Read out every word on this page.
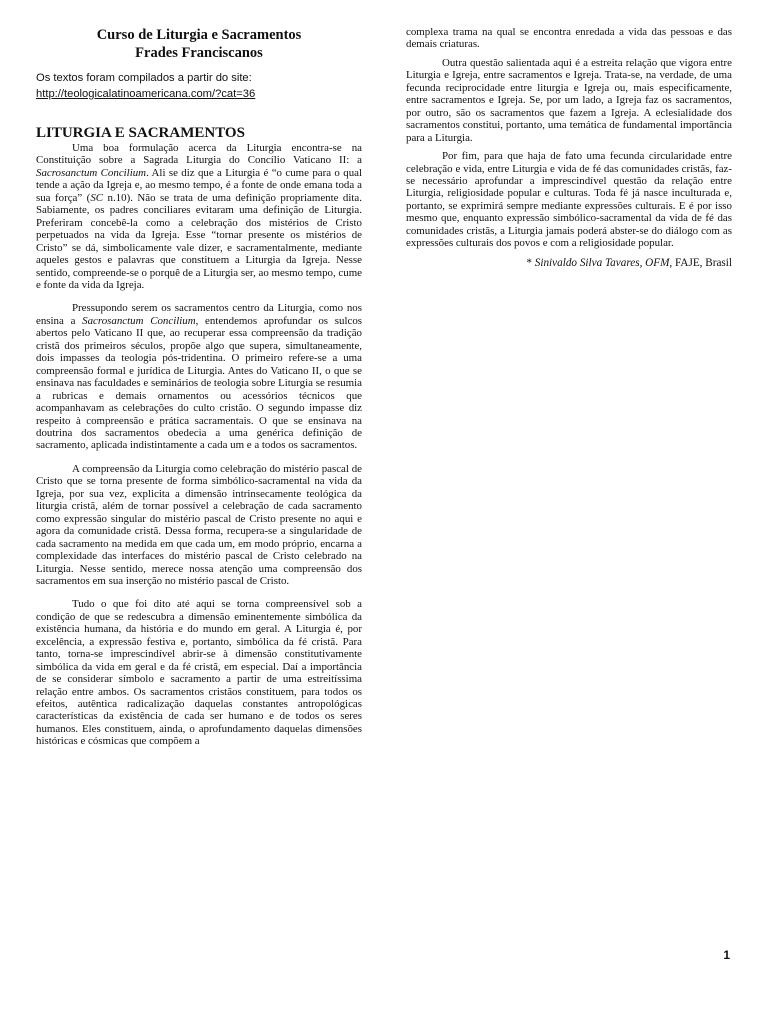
Curso de Liturgia e Sacramentos
Frades Franciscanos
Os textos foram compilados a partir do site:
http://teologicalatinoamericana.com/?cat=36
LITURGIA E SACRAMENTOS

Uma boa formulação acerca da Liturgia encontra-se na Constituição sobre a Sagrada Liturgia do Concílio Vaticano II: a Sacrosanctum Concilium. Ali se diz que a Liturgia é “o cume para o qual tende a ação da Igreja e, ao mesmo tempo, é a fonte de onde emana toda a sua força” (SC n.10). Não se trata de uma definição propriamente dita. Sabiamente, os padres conciliares evitaram uma definição de Liturgia. Preferiram concebê-la como a celebração dos mistérios de Cristo perpetuados na vida da Igreja. Esse “tornar presente os mistérios de Cristo” se dá, simbolicamente vale dizer, e sacramentalmente, mediante aqueles gestos e palavras que constituem a Liturgia da Igreja. Nesse sentido, compreende-se o porquê de a Liturgia ser, ao mesmo tempo, cume e fonte da vida da Igreja.

Pressupondo serem os sacramentos centro da Liturgia, como nos ensina a Sacrosanctum Concilium, entendemos aprofundar os sulcos abertos pelo Vaticano II que, ao recuperar essa compreensão da tradição cristã dos primeiros séculos, propõe algo que supera, simultaneamente, dois impasses da teologia pós-tridentina. O primeiro refere-se a uma compreensão formal e jurídica de Liturgia. Antes do Vaticano II, o que se ensinava nas faculdades e seminários de teologia sobre Liturgia se resumia a rubricas e demais ornamentos ou acessórios técnicos que acompanhavam as celebrações do culto cristão. O segundo impasse diz respeito à compreensão e prática sacramentais. O que se ensinava na doutrina dos sacramentos obedecia a uma genérica definição de sacramento, aplicada indistintamente a cada um e a todos os sacramentos.

A compreensão da Liturgia como celebração do mistério pascal de Cristo que se torna presente de forma simbólico-sacramental na vida da Igreja, por sua vez, explicita a dimensão intrinsecamente teológica da liturgia cristã, além de tornar possível a celebração de cada sacramento como expressão singular do mistério pascal de Cristo presente no aqui e agora da comunidade cristã. Dessa forma, recupera-se a singularidade de cada sacramento na medida em que cada um, em modo próprio, encarna a complexidade das interfaces do mistério pascal de Cristo celebrado na Liturgia. Nesse sentido, merece nossa atenção uma compreensão dos sacramentos em sua inserção no mistério pascal de Cristo.

Tudo o que foi dito até aqui se torna compreensível sob a condição de que se redescubra a dimensão eminentemente simbólica da existência humana, da história e do mundo em geral. A Liturgia é, por excelência, a expressão festiva e, portanto, simbólica da fé cristã. Para tanto, torna-se imprescindível abrir-se à dimensão constitutivamente simbólica da vida em geral e da fé cristã, em especial. Daí a importância de se considerar símbolo e sacramento a partir de uma estreitíssima relação entre ambos. Os sacramentos cristãos constituem, para todos os efeitos, autêntica radicalização daquelas constantes antropológicas características da existência de cada ser humano e de todos os seres humanos. Eles constituem, ainda, o aprofundamento daquelas dimensões históricas e cósmicas que compõem a

complexa trama na qual se encontra enredada a vida das pessoas e das demais criaturas.

Outra questão salientada aqui é a estreita relação que vigora entre Liturgia e Igreja, entre sacramentos e Igreja. Trata-se, na verdade, de uma fecunda reciprocidade entre liturgia e Igreja ou, mais especificamente, entre sacramentos e Igreja. Se, por um lado, a Igreja faz os sacramentos, por outro, são os sacramentos que fazem a Igreja. A eclesialidade dos sacramentos constitui, portanto, uma temática de fundamental importância para a Liturgia.

Por fim, para que haja de fato uma fecunda circularidade entre celebração e vida, entre Liturgia e vida de fé das comunidades cristãs, faz-se necessário aprofundar a imprescindível questão da relação entre Liturgia, religiosidade popular e culturas. Toda fé já nasce inculturada e, portanto, se exprimirá sempre mediante expressões culturais. E é por isso mesmo que, enquanto expressão simbólico-sacramental da vida de fé das comunidades cristãs, a Liturgia jamais poderá abster-se do diálogo com as expressões culturais dos povos e com a religiosidade popular.

* Sinivaldo Silva Tavares, OFM, FAJE, Brasil
1
